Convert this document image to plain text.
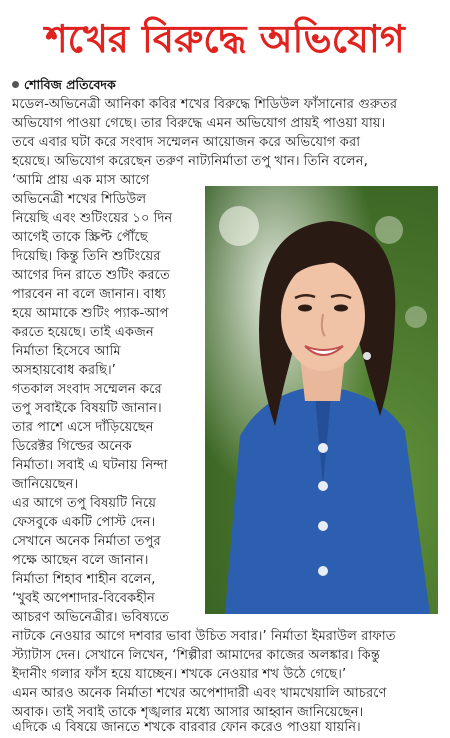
শখের বিরুদ্ধে অভিযোগ
শোবিজ প্রতিবেদক
মডেল-অভিনেত্রী আনিকা কবির শখের বিরুদ্ধে শিডিউল ফাঁসানোর গুরুতর
অভিযোগ পাওয়া গেছে। তার বিরুদ্ধে এমন অভিযোগ প্রায়ই পাওয়া যায়।
তবে এবার ঘটা করে সংবাদ সম্মেলন আয়োজন করে অভিযোগ করা
হয়েছে। অভিযোগ করেছেন তরুণ নাট্যনির্মাতা তপু খান। তিনি বলেন,
‘আমি প্রায় এক মাস আগে
অভিনেত্রী শখের শিডিউল
নিয়েছি এবং শুটিংয়ের ১০ দিন
আগেই তাকে স্ক্রিপ্ট পৌঁছে
দিয়েছি। কিন্তু তিনি শুটিংয়ের
আগের দিন রাতে শুটিং করতে
পারবেন না বলে জানান। বাধ্য
হয়ে আমাকে শুটিং প্যাক-আপ
করতে হয়েছে। তাই একজন
নির্মাতা হিসেবে আমি
অসহায়বোধ করছি।’
গতকাল সংবাদ সম্মেলন করে
তপু সবাইকে বিষয়টি জানান।
তার পাশে এসে দাঁড়িয়েছেন
ডিরেক্টর গিল্ডের অনেক
নির্মাতা। সবাই এ ঘটনায় নিন্দা
জানিয়েছেন।
এর আগে তপু বিষয়টি নিয়ে
ফেসবুকে একটি পোস্ট দেন।
সেখানে অনেক নির্মাতা তপুর
পক্ষে আছেন বলে জানান।
নির্মাতা শিহাব শাহীন বলেন,
‘খুবই অপেশাদার-বিবেকহীন
আচরণ অভিনেত্রীর। ভবিষ্যতে
নাটকে নেওয়ার আগে দশবার ভাবা উচিত সবার।’ নির্মাতা ইমরাউল রাফাত
স্ট্যাটাস দেন। সেখানে লিখেন, ‘শিল্পীরা আমাদের কাজের অলঙ্কার। কিন্তু
ইদানীং গলার ফাঁস হয়ে যাচ্ছেন। শখকে নেওয়ার শখ উঠে গেছে।’
এমন আরও অনেক নির্মাতা শখের অপেশাদারী এবং খামখেয়ালি আচরণে
অবাক। তাই সবাই তাকে শৃঙ্খলার মধ্যে আসার আহ্বান জানিয়েছেন।
এদিকে এ বিষয়ে জানতে শখকে বারবার ফোন করেও পাওয়া যায়নি।
